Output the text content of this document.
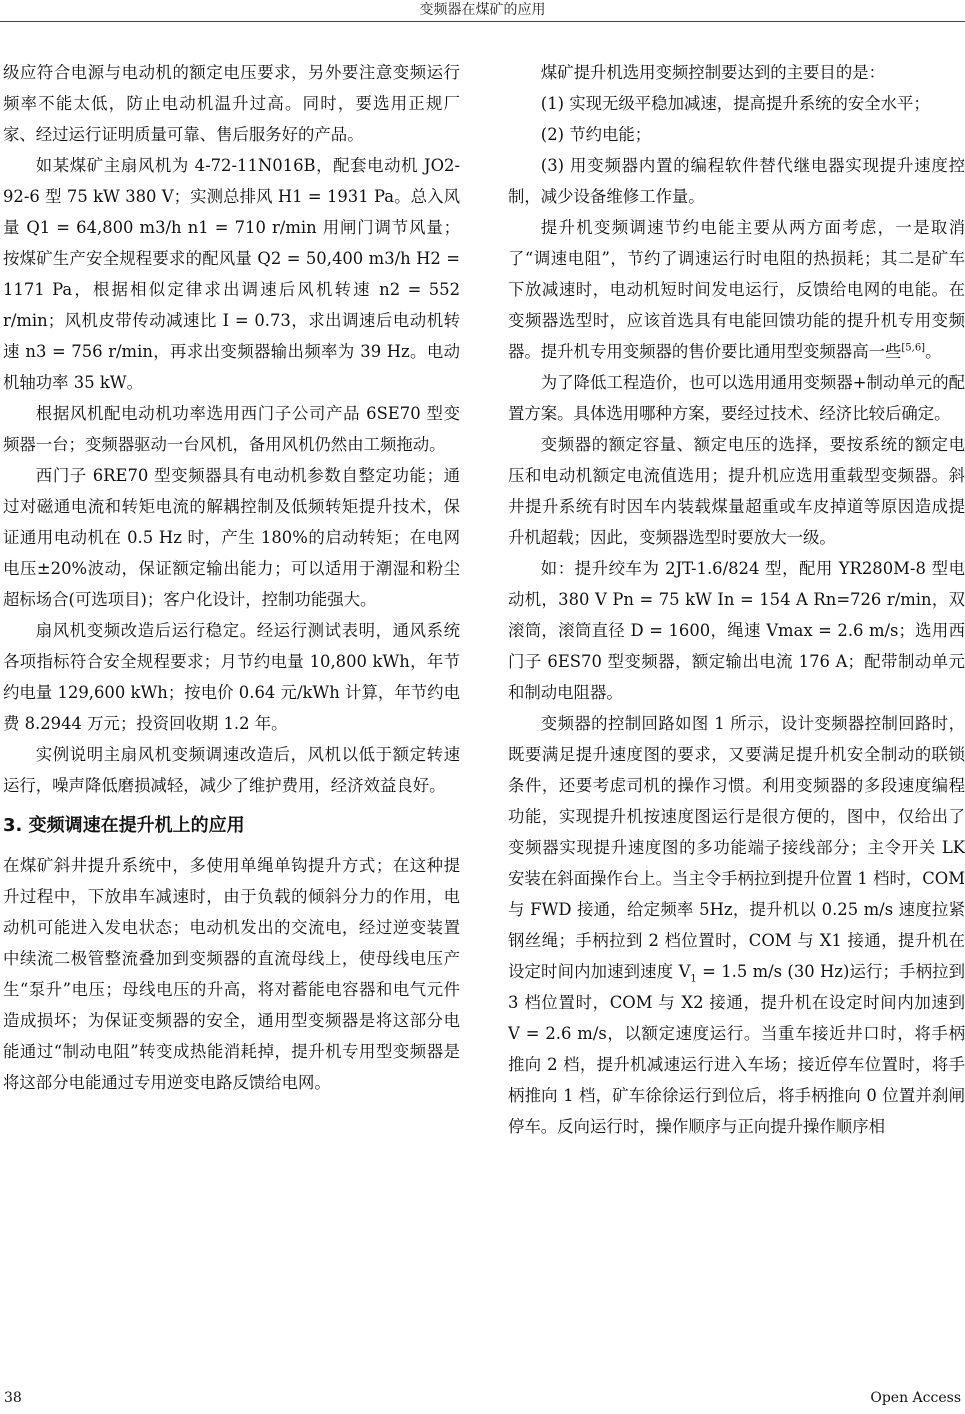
变频器在煤矿的应用

级应符合电源与电动机的额定电压要求，另外要注意变频运行频率不能太低，防止电动机温升过高。同时，要选用正规厂家、经过运行证明质量可靠、售后服务好的产品。

如某煤矿主扇风机为 4-72-11N016B，配套电动机 JO2-92-6 型 75 kW 380 V；实测总排风 H1 = 1931 Pa。总入风量 Q1 = 64,800 m3/h n1 = 710 r/min 用闸门调节风量；按煤矿生产安全规程要求的配风量 Q2 = 50,400 m3/h H2 = 1171 Pa，根据相似定律求出调速后风机转速 n2 = 552 r/min；风机皮带传动减速比 I = 0.73，求出调速后电动机转速 n3 = 756 r/min，再求出变频器输出频率为 39 Hz。电动机轴功率 35 kW。

根据风机配电动机功率选用西门子公司产品 6SE70 型变频器一台；变频器驱动一台风机，备用风机仍然由工频拖动。

西门子 6RE70 型变频器具有电动机参数自整定功能；通过对磁通电流和转矩电流的解耦控制及低频转矩提升技术，保证通用电动机在 0.5 Hz 时，产生 180%的启动转矩；在电网电压±20%波动，保证额定输出能力；可以适用于潮湿和粉尘超标场合(可选项目)；客户化设计，控制功能强大。

扇风机变频改造后运行稳定。经运行测试表明，通风系统各项指标符合安全规程要求；月节约电量 10,800 kWh，年节约电量 129,600 kWh；按电价 0.64 元/kWh 计算，年节约电费 8.2944 万元；投资回收期 1.2 年。

实例说明主扇风机变频调速改造后，风机以低于额定转速运行，噪声降低磨损减轻，减少了维护费用，经济效益良好。

3. 变频调速在提升机上的应用

在煤矿斜井提升系统中，多使用单绳单钩提升方式；在这种提升过程中，下放串车减速时，由于负载的倾斜分力的作用，电动机可能进入发电状态；电动机发出的交流电，经过逆变装置中续流二极管整流叠加到变频器的直流母线上，使母线电压产生“泵升”电压；母线电压的升高，将对蓄能电容器和电气元件造成损坏；为保证变频器的安全，通用型变频器是将这部分电能通过“制动电阻”转变成热能消耗掉，提升机专用型变频器是将这部分电能通过专用逆变电路反馈给电网。

煤矿提升机选用变频控制要达到的主要目的是：

(1) 实现无级平稳加减速，提高提升系统的安全水平；

(2) 节约电能；

(3) 用变频器内置的编程软件替代继电器实现提升速度控制，减少设备维修工作量。

提升机变频调速节约电能主要从两方面考虑，一是取消了“调速电阻”，节约了调速运行时电阻的热损耗；其二是矿车下放减速时，电动机短时间发电运行，反馈给电网的电能。在变频器选型时，应该首选具有电能回馈功能的提升机专用变频器。提升机专用变频器的售价要比通用型变频器高一些[5,6]。

为了降低工程造价，也可以选用通用变频器+制动单元的配置方案。具体选用哪种方案，要经过技术、经济比较后确定。

变频器的额定容量、额定电压的选择，要按系统的额定电压和电动机额定电流值选用；提升机应选用重载型变频器。斜井提升系统有时因车内装载煤量超重或车皮掉道等原因造成提升机超载；因此，变频器选型时要放大一级。

如：提升绞车为 2JT-1.6/824 型，配用 YR280M-8 型电动机，380 V Pn = 75 kW In = 154 A Rn=726 r/min，双滚筒，滚筒直径 D = 1600，绳速 Vmax = 2.6 m/s；选用西门子 6ES70 型变频器，额定输出电流 176 A；配带制动单元和制动电阻器。

变频器的控制回路如图 1 所示，设计变频器控制回路时，既要满足提升速度图的要求，又要满足提升机安全制动的联锁条件，还要考虑司机的操作习惯。利用变频器的多段速度编程功能，实现提升机按速度图运行是很方便的，图中，仅给出了变频器实现提升速度图的多功能端子接线部分；主令开关 LK 安装在斜面操作台上。当主令手柄拉到提升位置 1 档时，COM 与 FWD 接通，给定频率 5Hz，提升机以 0.25 m/s 速度拉紧钢丝绳；手柄拉到 2 档位置时，COM 与 X1 接通，提升机在设定时间内加速到速度 $V_1 = 1.5$ m/s (30 Hz)运行；手柄拉到 3 档位置时，COM 与 X2 接通，提升机在设定时间内加速到 V = 2.6 m/s，以额定速度运行。当重车接近井口时，将手柄推向 2 档，提升机减速运行进入车场；接近停车位置时，将手柄推向 1 档，矿车徐徐运行到位后，将手柄推向 0 位置并刹闸停车。反向运行时，操作顺序与正向提升操作顺序相

38	Open Access
